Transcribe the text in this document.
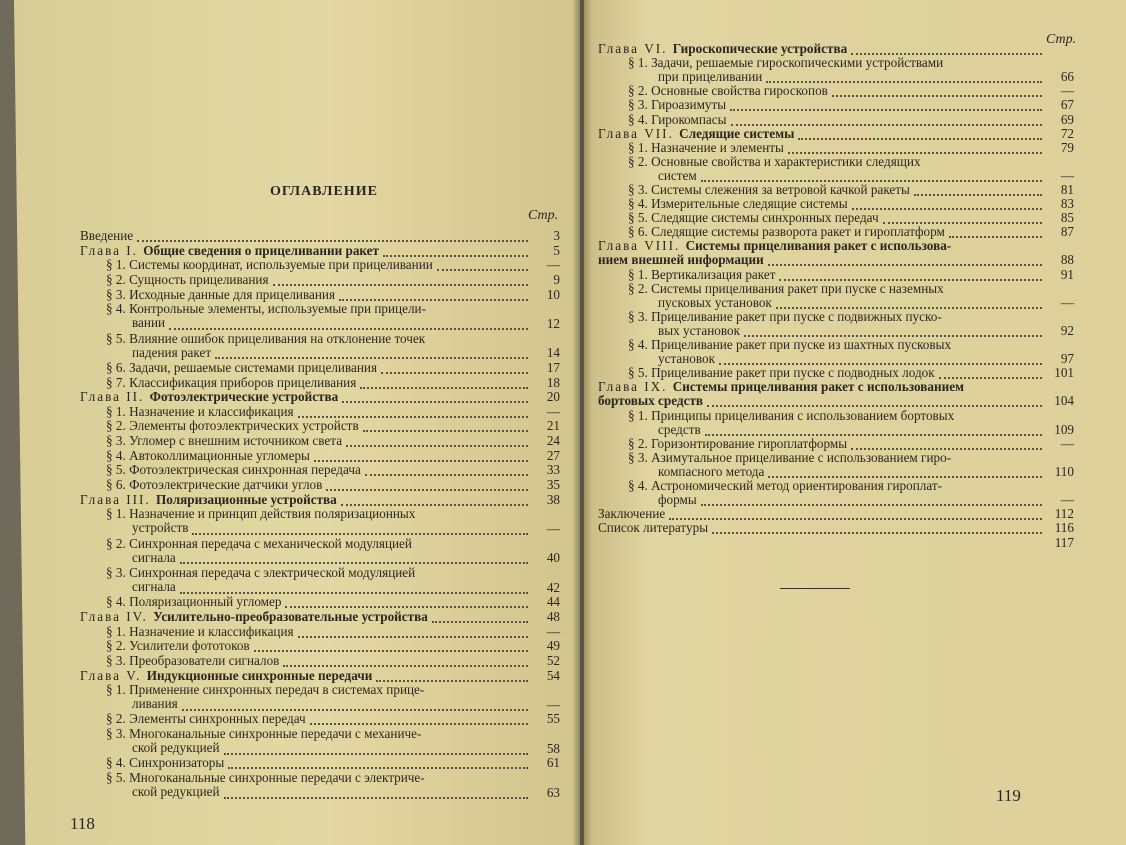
ОГЛАВЛЕНИЕ
Стр.
Стр.
Введение	3
Глава I. Общие сведения о прицеливании ракет	5
§ 1. Системы координат, используемые при прицеливании	—
§ 2. Сущность прицеливания	9
§ 3. Исходные данные для прицеливания	10
§ 4. Контрольные элементы, используемые при прицели-
вании	12
§ 5. Влияние ошибок прицеливания на отклонение точек
падения ракет	14
§ 6. Задачи, решаемые системами прицеливания	17
§ 7. Классификация приборов прицеливания	18
Глава II. Фотоэлектрические устройства	20
§ 1. Назначение и классификация	—
§ 2. Элементы фотоэлектрических устройств	21
§ 3. Угломер с внешним источником света	24
§ 4. Автоколлимационные угломеры	27
§ 5. Фотоэлектрическая синхронная передача	33
§ 6. Фотоэлектрические датчики углов	35
Глава III. Поляризационные устройства	38
§ 1. Назначение и принцип действия поляризационных
устройств	—
§ 2. Синхронная передача с механической модуляцией
сигнала	40
§ 3. Синхронная передача с электрической модуляцией
сигнала	42
§ 4. Поляризационный угломер	44
Глава IV. Усилительно-преобразовательные устройства	48
§ 1. Назначение и классификация	—
§ 2. Усилители фототоков	49
§ 3. Преобразователи сигналов	52
Глава V. Индукционные синхронные передачи	54
§ 1. Применение синхронных передач в системах прице-
ливания	—
§ 2. Элементы синхронных передач	55
§ 3. Многоканальные синхронные передачи с механиче-
ской редукцией	58
§ 4. Синхронизаторы	61
§ 5. Многоканальные синхронные передачи с электриче-
ской редукцией	63
Глава VI. Гироскопические устройства
§ 1. Задачи, решаемые гироскопическими устройствами
при прицеливании	66
§ 2. Основные свойства гироскопов	—
§ 3. Гироазимуты	67
§ 4. Гирокомпасы	69
Глава VII. Следящие системы	72
§ 1. Назначение и элементы	79
§ 2. Основные свойства и характеристики следящих
систем	—
§ 3. Системы слежения за ветровой качкой ракеты	81
§ 4. Измерительные следящие системы	83
§ 5. Следящие системы синхронных передач	85
§ 6. Следящие системы разворота ракет и гироплатформ	87
Глава VIII. Системы прицеливания ракет с использова-
нием внешней информации	88
§ 1. Вертикализация ракет	91
§ 2. Системы прицеливания ракет при пуске с наземных
пусковых установок	—
§ 3. Прицеливание ракет при пуске с подвижных пуско-
вых установок	92
§ 4. Прицеливание ракет при пуске из шахтных пусковых
установок	97
§ 5. Прицеливание ракет при пуске с подводных лодок	101
Глава IX. Системы прицеливания ракет с использованием
бортовых средств	104
§ 1. Принципы прицеливания с использованием бортовых
средств	109
§ 2. Горизонтирование гироплатформы	—
§ 3. Азимутальное прицеливание с использованием гиро-
компасного метода	110
§ 4. Астрономический метод ориентирования гироплат-
формы	—
Заключение	112
Список литературы	116
117
118
119
